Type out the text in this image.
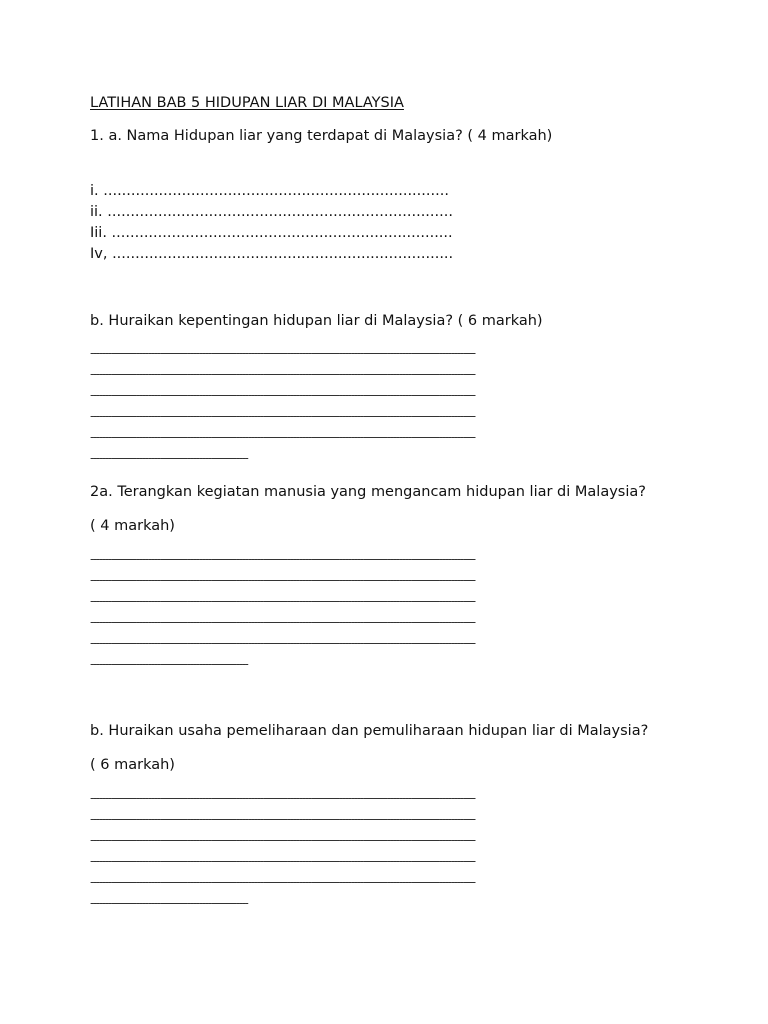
LATIHAN BAB 5 HIDUPAN LIAR DI MALAYSIA

1. a. Nama Hidupan liar yang terdapat di Malaysia? ( 4 markah)

i. ...........................................................................

ii. ...........................................................................

Iii. ..........................................................................

Iv, ..........................................................................

b. Huraikan kepentingan hidupan liar di Malaysia? ( 6 markah)

-------------------------------------------------------------------------------------------------------------------------------

-------------------------------------------------------------------------------------------------------------------------------

-------------------------------------------------------------------------------------------------------------------------------

-------------------------------------------------------------------------------------------------------------------------------

-------------------------------------------------------------------------------------------------------------------------------

----------------------------------------------------

2a. Terangkan kegiatan manusia yang mengancam hidupan liar di Malaysia?

( 4 markah)

-------------------------------------------------------------------------------------------------------------------------------

-------------------------------------------------------------------------------------------------------------------------------

-------------------------------------------------------------------------------------------------------------------------------

-------------------------------------------------------------------------------------------------------------------------------

-------------------------------------------------------------------------------------------------------------------------------

----------------------------------------------------

b. Huraikan usaha pemeliharaan dan pemuliharaan hidupan liar di Malaysia?

( 6 markah)

-------------------------------------------------------------------------------------------------------------------------------

-------------------------------------------------------------------------------------------------------------------------------

-------------------------------------------------------------------------------------------------------------------------------

-------------------------------------------------------------------------------------------------------------------------------

-------------------------------------------------------------------------------------------------------------------------------

----------------------------------------------------
